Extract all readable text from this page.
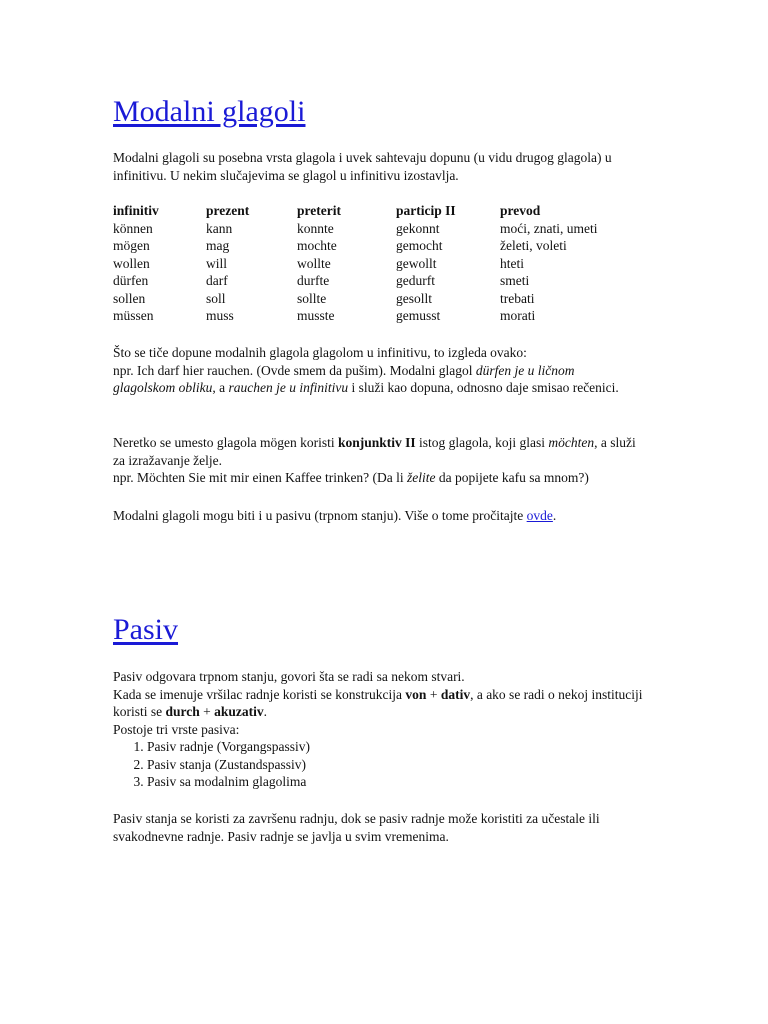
Modalni glagoli

Modalni glagoli su posebna vrsta glagola i uvek sahtevaju dopunu (u vidu drugog glagola) u infinitivu. U nekim slučajevima se glagol u infinitivu izostavlja.

infinitiv	prezent	preterit	particip II	prevod
können	kann	konnte	gekonnt	moći, znati, umeti
mögen	mag	mochte	gemocht	želeti, voleti
wollen	will	wollte	gewollt	hteti
dürfen	darf	durfte	gedurft	smeti
sollen	soll	sollte	gesollt	trebati
müssen	muss	musste	gemusst	morati

Što se tiče dopune modalnih glagola glagolom u infinitivu, to izgleda ovako:

npr. Ich darf hier rauchen. (Ovde smem da pušim). Modalni glagol dürfen je u ličnom glagolskom obliku, a rauchen je u infinitivu i služi kao dopuna, odnosno daje smisao rečenici.

Neretko se umesto glagola mögen koristi konjunktiv II istog glagola, koji glasi möchten, a služi za izražavanje želje.

npr. Möchten Sie mit mir einen Kaffee trinken? (Da li želite da popijete kafu sa mnom?)

Modalni glagoli mogu biti i u pasivu (trpnom stanju). Više o tome pročitajte ovde.

Pasiv

Pasiv odgovara trpnom stanju, govori šta se radi sa nekom stvari.

Kada se imenuje vršilac radnje koristi se konstrukcija von + dativ, a ako se radi o nekoj instituciji koristi se durch + akuzativ.

Postoje tri vrste pasiva:

1. Pasiv radnje (Vorgangspassiv)
2. Pasiv stanja (Zustandspassiv)
3. Pasiv sa modalnim glagolima

Pasiv stanja se koristi za završenu radnju, dok se pasiv radnje može koristiti za učestale ili svakodnevne radnje. Pasiv radnje se javlja u svim vremenima.
